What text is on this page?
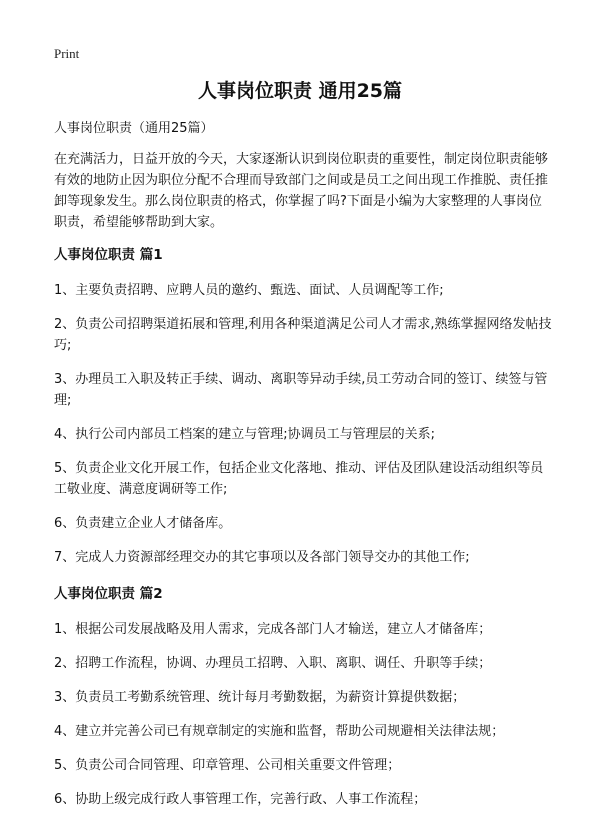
Print
人事岗位职责 通用25篇

人事岗位职责（通用25篇）

在充满活力，日益开放的今天，大家逐渐认识到岗位职责的重要性，制定岗位职责能够有效的地防止因为职位分配不合理而导致部门之间或是员工之间出现工作推脱、责任推卸等现象发生。那么岗位职责的格式，你掌握了吗?下面是小编为大家整理的人事岗位职责，希望能够帮助到大家。

人事岗位职责 篇1
1、主要负责招聘、应聘人员的邀约、甄选、面试、人员调配等工作;
2、负责公司招聘渠道拓展和管理,利用各种渠道满足公司人才需求,熟练掌握网络发帖技巧;
3、办理员工入职及转正手续、调动、离职等异动手续,员工劳动合同的签订、续签与管理;
4、执行公司内部员工档案的建立与管理;协调员工与管理层的关系;
5、负责企业文化开展工作，包括企业文化落地、推动、评估及团队建设活动组织等员工敬业度、满意度调研等工作;
6、负责建立企业人才储备库。
7、完成人力资源部经理交办的其它事项以及各部门领导交办的其他工作;
人事岗位职责 篇2
1、根据公司发展战略及用人需求，完成各部门人才输送，建立人才储备库；
2、招聘工作流程，协调、办理员工招聘、入职、离职、调任、升职等手续；
3、负责员工考勤系统管理、统计每月考勤数据，为薪资计算提供数据；
4、建立并完善公司已有规章制定的实施和监督，帮助公司规避相关法律法规；
5、负责公司合同管理、印章管理、公司相关重要文件管理；
6、协助上级完成行政人事管理工作，完善行政、人事工作流程；
